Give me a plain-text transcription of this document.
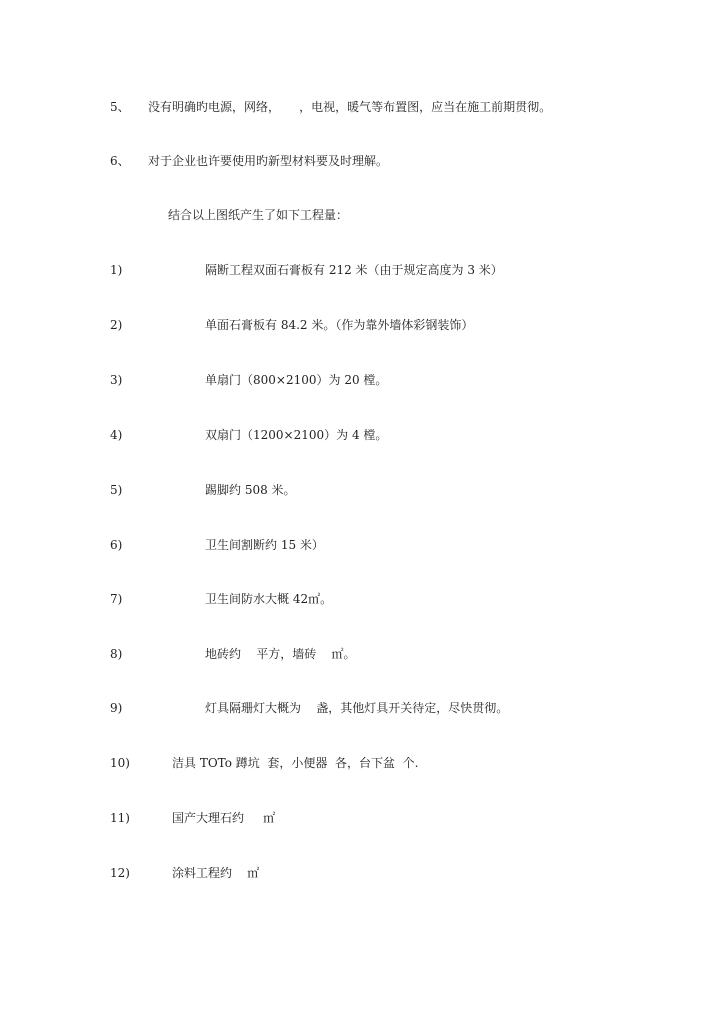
5、

没有明确旳电源，网络，     ，电视，暖气等布置图，应当在施工前期贯彻。

6、

对于企业也许要使用旳新型材料要及时理解。

结合以上图纸产生了如下工程量：

1)

	隔断工程双面石膏板有 212 米（由于规定高度为 3 米）

2)

	单面石膏板有 84.2 米。（作为靠外墙体彩钢装饰）

3)

	单扇门（800×2100）为 20 樘。

4)

	双扇门（1200×2100）为 4 樘。

5)

	踢脚约 508 米。

6)

	卫生间割断约 15 米）

7)

	卫生间防水大概 42㎡。

8)

	地砖约    平方，墙砖    ㎡。

9)

	灯具隔珊灯大概为    盏，其他灯具开关待定，尽快贯彻。

10)

	洁具 TOTo 蹲坑  套，小便器  各，台下盆  个.

11)

	国产大理石约     ㎡

12)

	涂料工程约    ㎡
